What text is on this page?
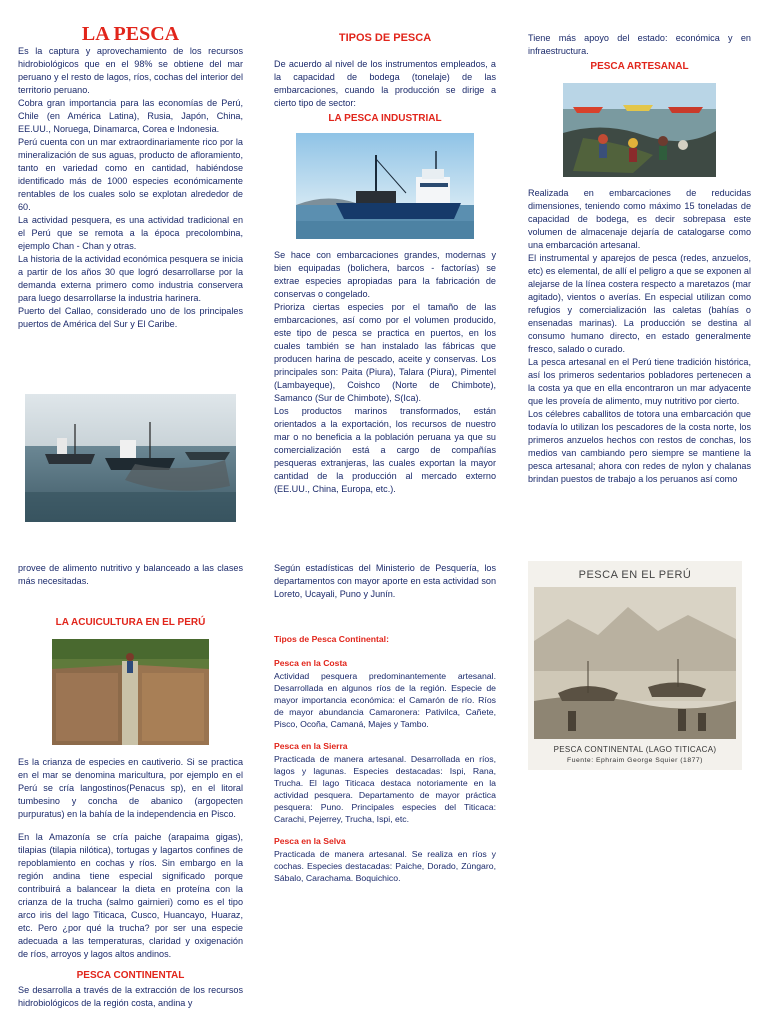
LA PESCA

Es la captura y aprovechamiento de los recursos hidrobiológicos que en el 98% se obtiene del mar peruano y el resto de lagos, ríos, cochas del interior del territorio peruano.

Cobra gran importancia para las economías de Perú, Chile (en América Latina), Rusia, Japón, China, EE.UU., Noruega, Dinamarca, Corea e Indonesia.

Perú cuenta con un mar extraordinariamente rico por la mineralización de sus aguas, producto de afloramiento, tanto en variedad como en cantidad, habiéndose identificado más de 1000 especies económicamente rentables de los cuales solo se explotan alrededor de 60.

La actividad pesquera, es una actividad tradicional en el Perú que se remota a la época precolombina, ejemplo Chan - Chan y otras.

La historia de la actividad económica pesquera se inicia a partir de los años 30 que logró desarrollarse por la demanda externa primero como industria conservera para luego desarrollarse la industria harinera.

Puerto del Callao, considerado uno de los principales puertos de América del Sur y El Caribe.

TIPOS DE PESCA

De acuerdo al nivel de los instrumentos empleados, a la capacidad de bodega (tonelaje) de las embarcaciones, cuando la producción se dirige a cierto tipo de sector:

LA PESCA INDUSTRIAL

Se hace con embarcaciones grandes, modernas y bien equipadas (bolichera, barcos - factorías) se extrae especies apropiadas para la fabricación de conservas o congelado.

Prioriza ciertas especies por el tamaño de las embarcaciones, así como por el volumen producido, este tipo de pesca se practica en puertos, en los cuales también se han instalado las fábricas que producen harina de pescado, aceite y conservas. Los principales son: Paita (Piura), Talara (Piura), Pimentel (Lambayeque), Coishco (Norte de Chimbote), Samanco (Sur de Chimbote), S(Ica).

Los productos marinos transformados, están orientados a la exportación, los recursos de nuestro mar o no beneficia a la población peruana ya que su comercialización está a cargo de compañías pesqueras extranjeras, las cuales exportan la mayor cantidad de la producción al mercado externo (EE.UU., China, Europa, etc.).

Tiene más apoyo del estado: económica y en infraestructura.

PESCA ARTESANAL

Realizada en embarcaciones de reducidas dimensiones, teniendo como máximo 15 toneladas de capacidad de bodega, es decir sobrepasa este volumen de almacenaje dejaría de catalogarse como una embarcación artesanal.

El instrumental y aparejos de pesca (redes, anzuelos, etc) es elemental, de allí el peligro a que se exponen al alejarse de la línea costera respecto a maretazos (mar agitado), vientos o averías. En especial utilizan como refugios y comercialización las caletas (bahías o ensenadas marinas). La producción se destina al consumo humano directo, en estado generalmente fresco, salado o curado.

La pesca artesanal en el Perú tiene tradición histórica, así los primeros sedentarios pobladores pertenecen a la costa ya que en ella encontraron un mar adyacente que les proveía de alimento, muy nutritivo por cierto.

Los célebres caballitos de totora una embarcación que todavía lo utilizan los pescadores de la costa norte, los primeros anzuelos hechos con restos de conchas, los medios van cambiando pero siempre se mantiene la pesca artesanal; ahora con redes de nylon y chalanas brindan puestos de trabajo a los peruanos así como

provee de alimento nutritivo y balanceado a las clases más necesitadas.

LA ACUICULTURA EN EL PERÚ

Es la crianza de especies en cautiverio. Si se practica en el mar se denomina maricultura, por ejemplo en el Perú se cría langostinos(Penacus sp), en el litoral tumbesino y concha de abanico (argopecten purpuratus) en la bahía de la independencia en Pisco.

En la Amazonía se cría paiche (arapaima gigas), tilapias (tilapia nilótica), tortugas y lagartos confines de repoblamiento en cochas y ríos. Sin embargo en la región andina tiene especial significado porque contribuirá a balancear la dieta en proteína con la crianza de la trucha (salmo gairnieri) como es el tipo arco iris del lago Titicaca, Cusco, Huancayo, Huaraz, etc. Pero ¿por qué la trucha? por ser una especie adecuada a las temperaturas, claridad y oxigenación de ríos, arroyos y lagos altos andinos.

PESCA CONTINENTAL

Se desarrolla a través de la extracción de los recursos hidrobiológicos de la región costa, andina y

Según estadísticas del Ministerio de Pesquería, los departamentos con mayor aporte en esta actividad son Loreto, Ucayali, Puno y Junín.

Tipos de Pesca Continental:
Pesca en la Costa

Actividad pesquera predominantemente artesanal. Desarrollada en algunos ríos de la región. Especie de mayor importancia económica: el Camarón de río. Ríos de mayor abundancia Camaronera: Pativilca, Cañete, Pisco, Ocoña, Camaná, Majes y Tambo.

Pesca en la Sierra

Practicada de manera artesanal. Desarrollada en ríos, lagos y lagunas. Especies destacadas: Ispi, Rana, Trucha. El lago Titicaca destaca notoriamente en la actividad pesquera. Departamento de mayor práctica pesquera: Puno. Principales especies del Titicaca: Carachi, Pejerrey, Trucha, Ispi, etc.

Pesca en la Selva

Practicada de manera artesanal. Se realiza en ríos y cochas. Especies destacadas: Paiche, Dorado, Zúngaro, Sábalo, Carachama. Boquichico.

PESCA EN EL PERÚ
PESCA CONTINENTAL (LAGO TITICACA)
Fuente: Ephraim George Squier (1877)
